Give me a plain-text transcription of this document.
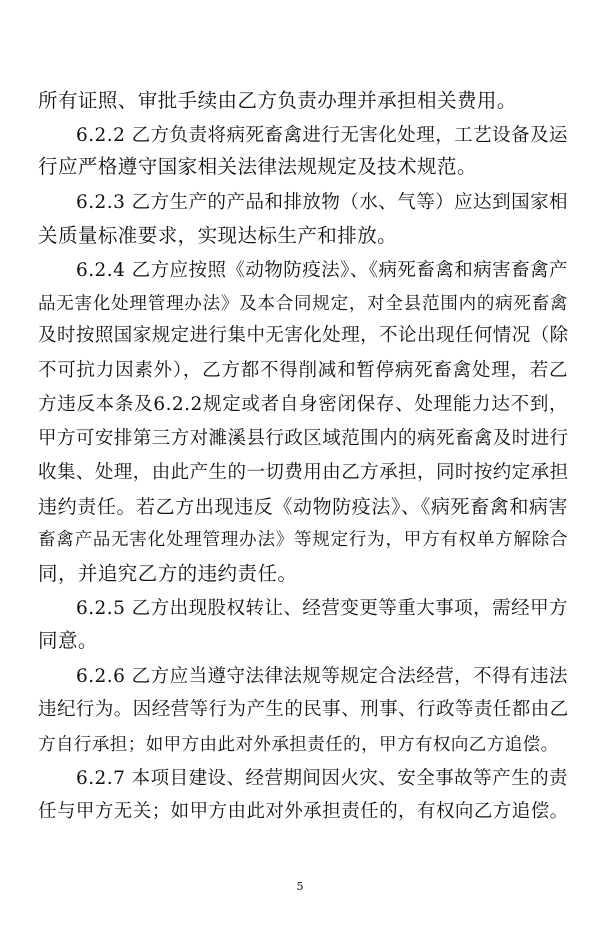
所有证照、审批手续由乙方负责办理并承担相关费用。
6.2.2 乙方负责将病死畜禽进行无害化处理，工艺设备及运
行应严格遵守国家相关法律法规规定及技术规范。
6.2.3 乙方生产的产品和排放物（水、气等）应达到国家相
关质量标准要求，实现达标生产和排放。
6.2.4 乙方应按照《动物防疫法》、《病死畜禽和病害畜禽产
品无害化处理管理办法》及本合同规定，对全县范围内的病死畜禽
及时按照国家规定进行集中无害化处理，不论出现任何情况（除
不可抗力因素外），乙方都不得削减和暂停病死畜禽处理，若乙
方违反本条及6.2.2规定或者自身密闭保存、处理能力达不到，
甲方可安排第三方对濉溪县行政区域范围内的病死畜禽及时进行
收集、处理，由此产生的一切费用由乙方承担，同时按约定承担
违约责任。若乙方出现违反《动物防疫法》、《病死畜禽和病害
畜禽产品无害化处理管理办法》等规定行为，甲方有权单方解除合
同，并追究乙方的违约责任。
6.2.5 乙方出现股权转让、经营变更等重大事项，需经甲方
同意。
6.2.6 乙方应当遵守法律法规等规定合法经营，不得有违法
违纪行为。因经营等行为产生的民事、刑事、行政等责任都由乙
方自行承担；如甲方由此对外承担责任的，甲方有权向乙方追偿。
6.2.7 本项目建设、经营期间因火灾、安全事故等产生的责
任与甲方无关；如甲方由此对外承担责任的，有权向乙方追偿。
5
